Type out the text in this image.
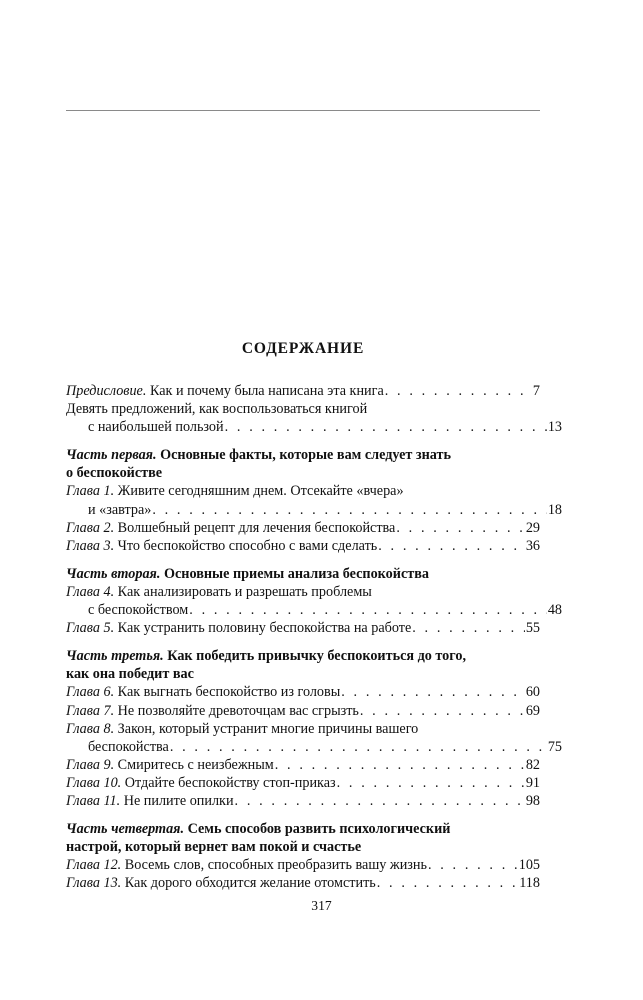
СОДЕРЖАНИЕ
Предисловие. Как и почему была написана эта книга . . .	7
Девять предложений, как воспользоваться книгой
с наибольшей пользой . . .	13
Часть первая. Основные факты, которые вам следует знать
о беспокойстве
Глава 1. Живите сегодняшним днем. Отсекайте «вчера»
и «завтра» . . .	18
Глава 2. Волшебный рецепт для лечения беспокойства . . .	29
Глава 3. Что беспокойство способно с вами сделать . . .	36
Часть вторая. Основные приемы анализа беспокойства
Глава 4. Как анализировать и разрешать проблемы
с беспокойством . . .	48
Глава 5. Как устранить половину беспокойства на работе . . .	55
Часть третья. Как победить привычку беспокоиться до того,
как она победит вас
Глава 6. Как выгнать беспокойство из головы . . .	60
Глава 7. Не позволяйте древоточцам вас сгрызть . . .	69
Глава 8. Закон, который устранит многие причины вашего
беспокойства . . .	75
Глава 9. Смиритесь с неизбежным . . .	82
Глава 10. Отдайте беспокойству стоп-приказ . . .	91
Глава 11. Не пилите опилки . . .	98
Часть четвертая. Семь способов развить психологический
настрой, который вернет вам покой и счастье
Глава 12. Восемь слов, способных преобразить вашу жизнь . . .	105
Глава 13. Как дорого обходится желание отомстить . . .	118
317
